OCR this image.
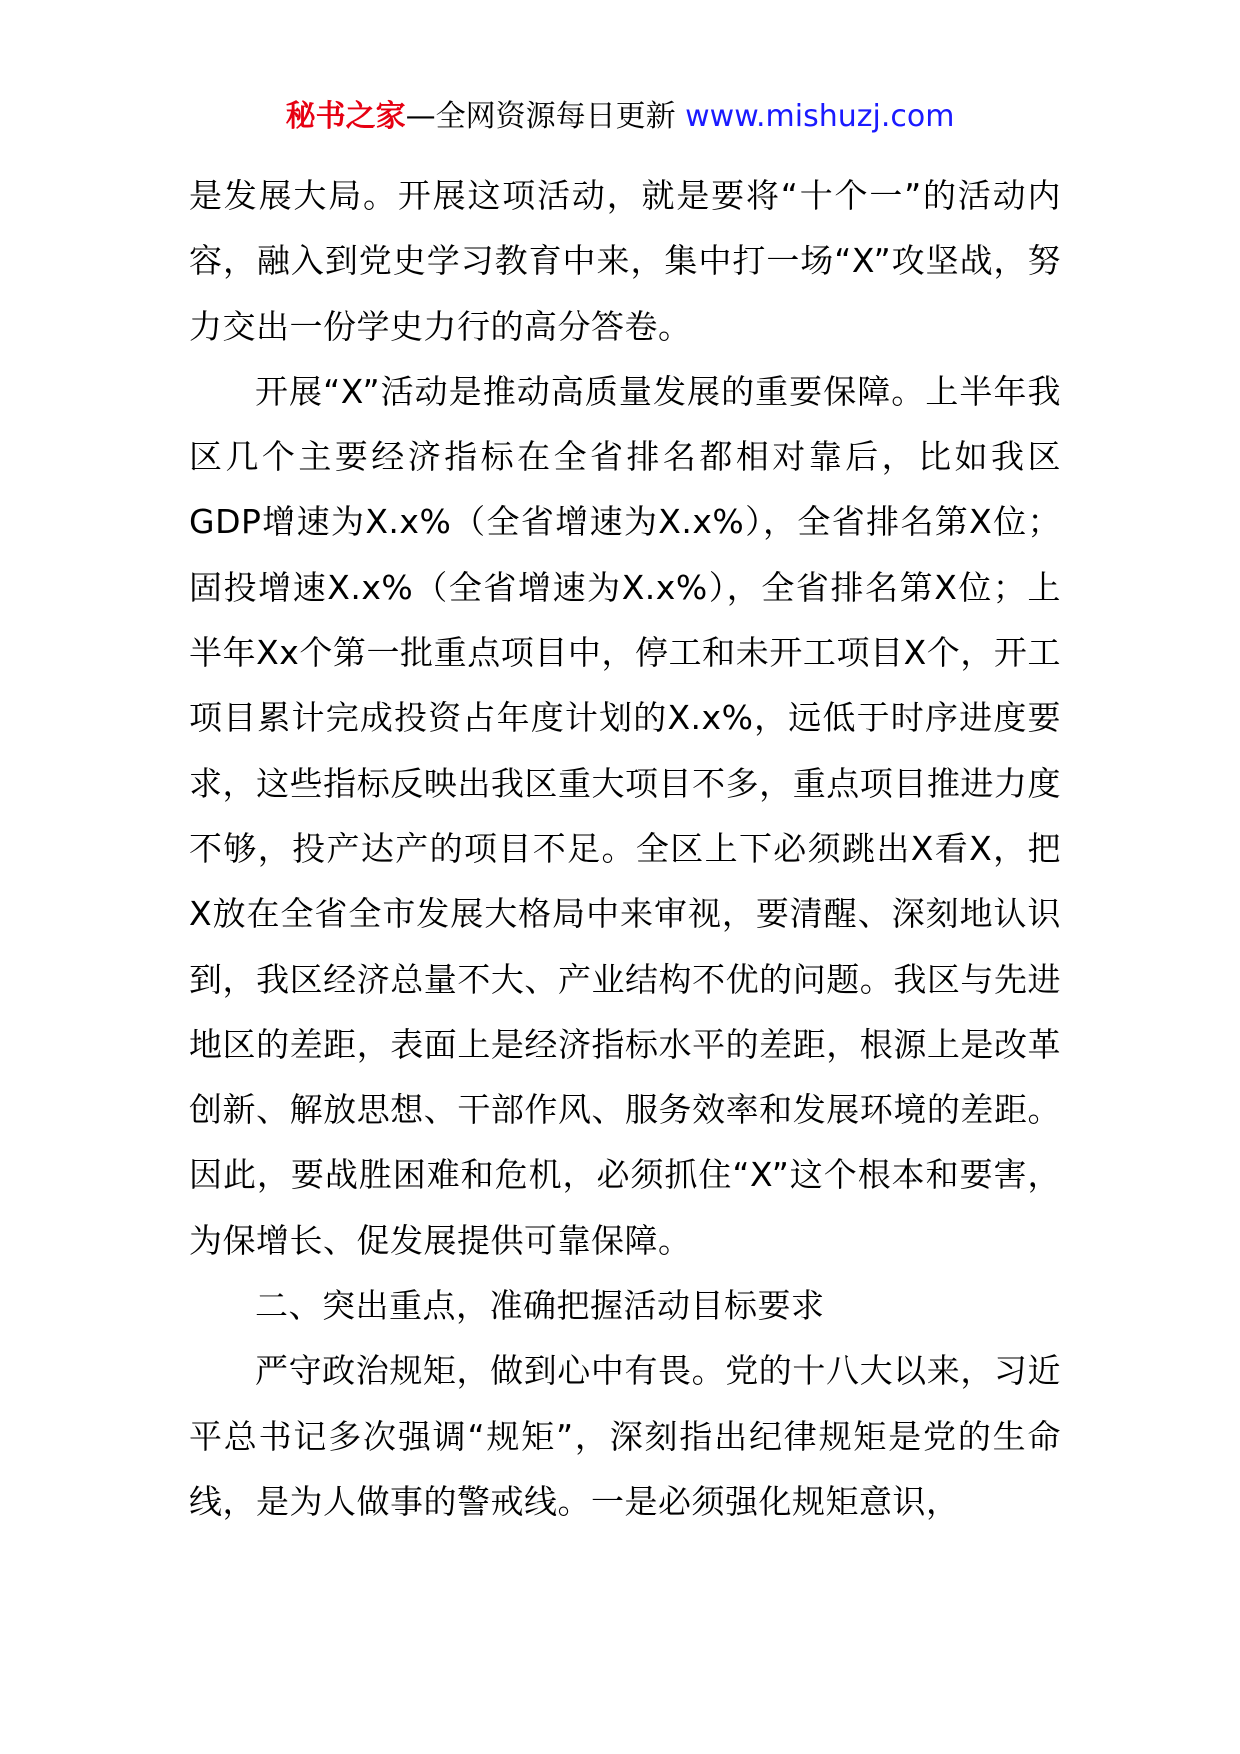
秘书之家—全网资源每日更新 www.mishuzj.com

是发展大局。开展这项活动，就是要将“十个一”的活动内容，融入到党史学习教育中来，集中打一场“X”攻坚战，努力交出一份学史力行的高分答卷。

开展“X”活动是推动高质量发展的重要保障。上半年我区几个主要经济指标在全省排名都相对靠后，比如我区GDP增速为X.x%（全省增速为X.x%），全省排名第X位；固投增速X.x%（全省增速为X.x%），全省排名第X位；上半年Xx个第一批重点项目中，停工和未开工项目X个，开工项目累计完成投资占年度计划的X.x%，远低于时序进度要求，这些指标反映出我区重大项目不多，重点项目推进力度不够，投产达产的项目不足。全区上下必须跳出X看X，把X放在全省全市发展大格局中来审视，要清醒、深刻地认识到，我区经济总量不大、产业结构不优的问题。我区与先进地区的差距，表面上是经济指标水平的差距，根源上是改革创新、解放思想、干部作风、服务效率和发展环境的差距。因此，要战胜困难和危机，必须抓住“X”这个根本和要害，为保增长、促发展提供可靠保障。

二、突出重点，准确把握活动目标要求

严守政治规矩，做到心中有畏。党的十八大以来，习近平总书记多次强调“规矩”，深刻指出纪律规矩是党的生命线，是为人做事的警戒线。一是必须强化规矩意识，
